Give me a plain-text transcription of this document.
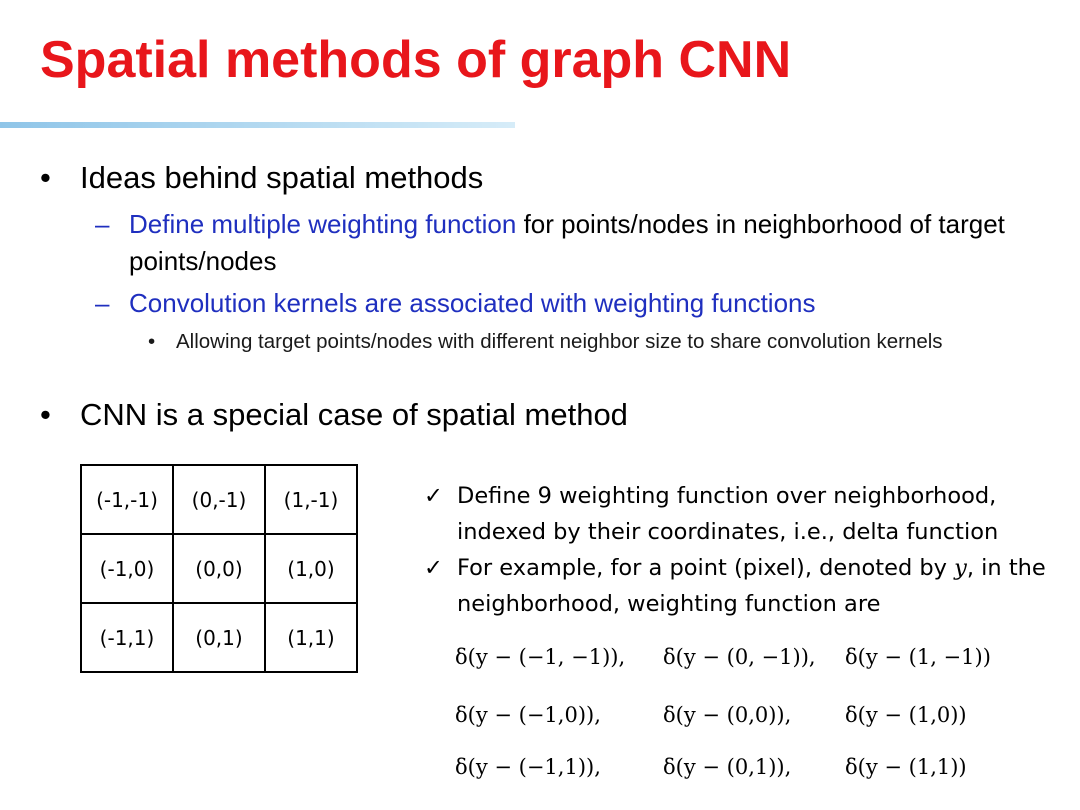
Spatial methods of graph CNN
• Ideas behind spatial methods
– Define multiple weighting function for points/nodes in neighborhood of target points/nodes
– Convolution kernels are associated with weighting functions
• Allowing target points/nodes with different neighbor size to share convolution kernels
• CNN is a special case of spatial method
(-1,-1)	(0,-1)	(1,-1)
(-1,0)	(0,0)	(1,0)
(-1,1)	(0,1)	(1,1)
✓ Define 9 weighting function over neighborhood, indexed by their coordinates, i.e., delta function
✓ For example, for a point (pixel), denoted by y, in the neighborhood, weighting function are
δ(y − (−1, −1)), δ(y − (0, −1)), δ(y − (1, −1))
δ(y − (−1,0)),	δ(y − (0,0)),	δ(y − (1,0))
δ(y − (−1,1)),	δ(y − (0,1)),	δ(y − (1,1))
